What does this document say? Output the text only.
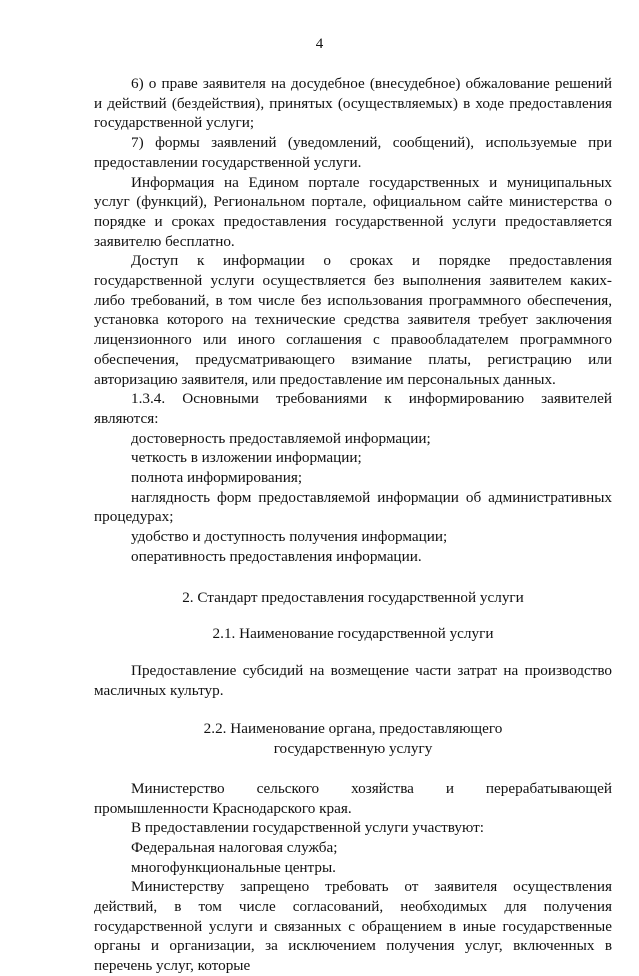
4

6) о праве заявителя на досудебное (внесудебное) обжалование решений и действий (бездействия), принятых (осуществляемых) в ходе предоставления государственной услуги;

7) формы заявлений (уведомлений, сообщений), используемые при предоставлении государственной услуги.

Информация на Едином портале государственных и муниципальных услуг (функций), Региональном портале, официальном сайте министерства о порядке и сроках предоставления государственной услуги предоставляется заявителю бесплатно.

Доступ к информации о сроках и порядке предоставления государственной услуги осуществляется без выполнения заявителем каких-либо требований, в том числе без использования программного обеспечения, установка которого на технические средства заявителя требует заключения лицензионного или иного соглашения с правообладателем программного обеспечения, предусматривающего взимание платы, регистрацию или авторизацию заявителя, или предоставление им персональных данных.

1.3.4. Основными требованиями к информированию заявителей являются:

достоверность предоставляемой информации;

четкость в изложении информации;

полнота информирования;

наглядность форм предоставляемой информации об административных процедурах;

удобство и доступность получения информации;

оперативность предоставления информации.

2. Стандарт предоставления государственной услуги

2.1. Наименование государственной услуги

Предоставление субсидий на возмещение части затрат на производство масличных культур.

2.2. Наименование органа, предоставляющего
государственную услугу

Министерство сельского хозяйства и перерабатывающей промышленности Краснодарского края.

В предоставлении государственной услуги участвуют:

Федеральная налоговая служба;

многофункциональные центры.

Министерству запрещено требовать от заявителя осуществления действий, в том числе согласований, необходимых для получения государственной услуги и связанных с обращением в иные государственные органы и организации, за исключением получения услуг, включенных в перечень услуг, которые
